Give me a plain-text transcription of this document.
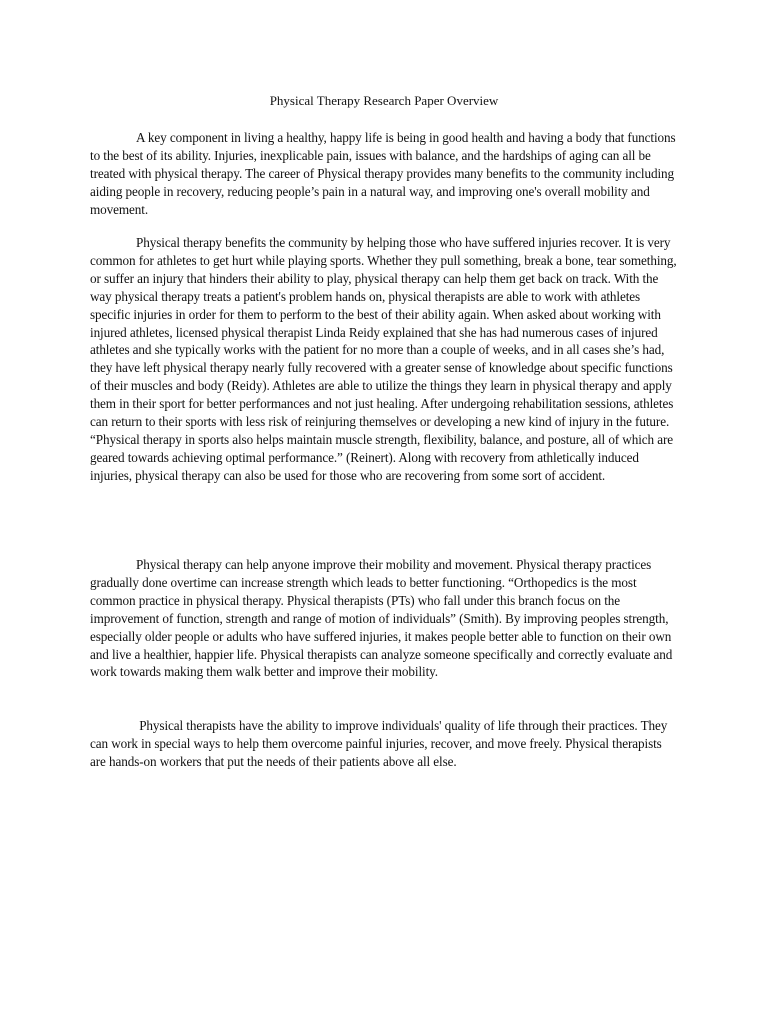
Physical Therapy Research Paper Overview

A key component in living a healthy, happy life is being in good health and having a body that functions to the best of its ability. Injuries, inexplicable pain, issues with balance, and the hardships of aging can all be treated with physical therapy. The career of Physical therapy provides many benefits to the community including aiding people in recovery, reducing people’s pain in a natural way, and improving one's overall mobility and movement.

Physical therapy benefits the community by helping those who have suffered injuries recover. It is very common for athletes to get hurt while playing sports. Whether they pull something, break a bone, tear something, or suffer an injury that hinders their ability to play, physical therapy can help them get back on track. With the way physical therapy treats a patient's problem hands on, physical therapists are able to work with athletes specific injuries in order for them to perform to the best of their ability again. When asked about working with injured athletes, licensed physical therapist Linda Reidy explained that she has had numerous cases of injured athletes and she typically works with the patient for no more than a couple of weeks, and in all cases she’s had, they have left physical therapy nearly fully recovered with a greater sense of knowledge about specific functions of their muscles and body (Reidy). Athletes are able to utilize the things they learn in physical therapy and apply them in their sport for better performances and not just healing. After undergoing rehabilitation sessions, athletes can return to their sports with less risk of reinjuring themselves or developing a new kind of injury in the future. “Physical therapy in sports also helps maintain muscle strength, flexibility, balance, and posture, all of which are geared towards achieving optimal performance.” (Reinert). Along with recovery from athletically induced injuries, physical therapy can also be used for those who are recovering from some sort of accident.

Physical therapy can help anyone improve their mobility and movement. Physical therapy practices gradually done overtime can increase strength which leads to better functioning. “Orthopedics is the most common practice in physical therapy. Physical therapists (PTs) who fall under this branch focus on the improvement of function, strength and range of motion of individuals” (Smith). By improving peoples strength, especially older people or adults who have suffered injuries, it makes people better able to function on their own and live a healthier, happier life. Physical therapists can analyze someone specifically and correctly evaluate and work towards making them walk better and improve their mobility.

Physical therapists have the ability to improve individuals' quality of life through their practices. They can work in special ways to help them overcome painful injuries, recover, and move freely. Physical therapists are hands-on workers that put the needs of their patients above all else.
